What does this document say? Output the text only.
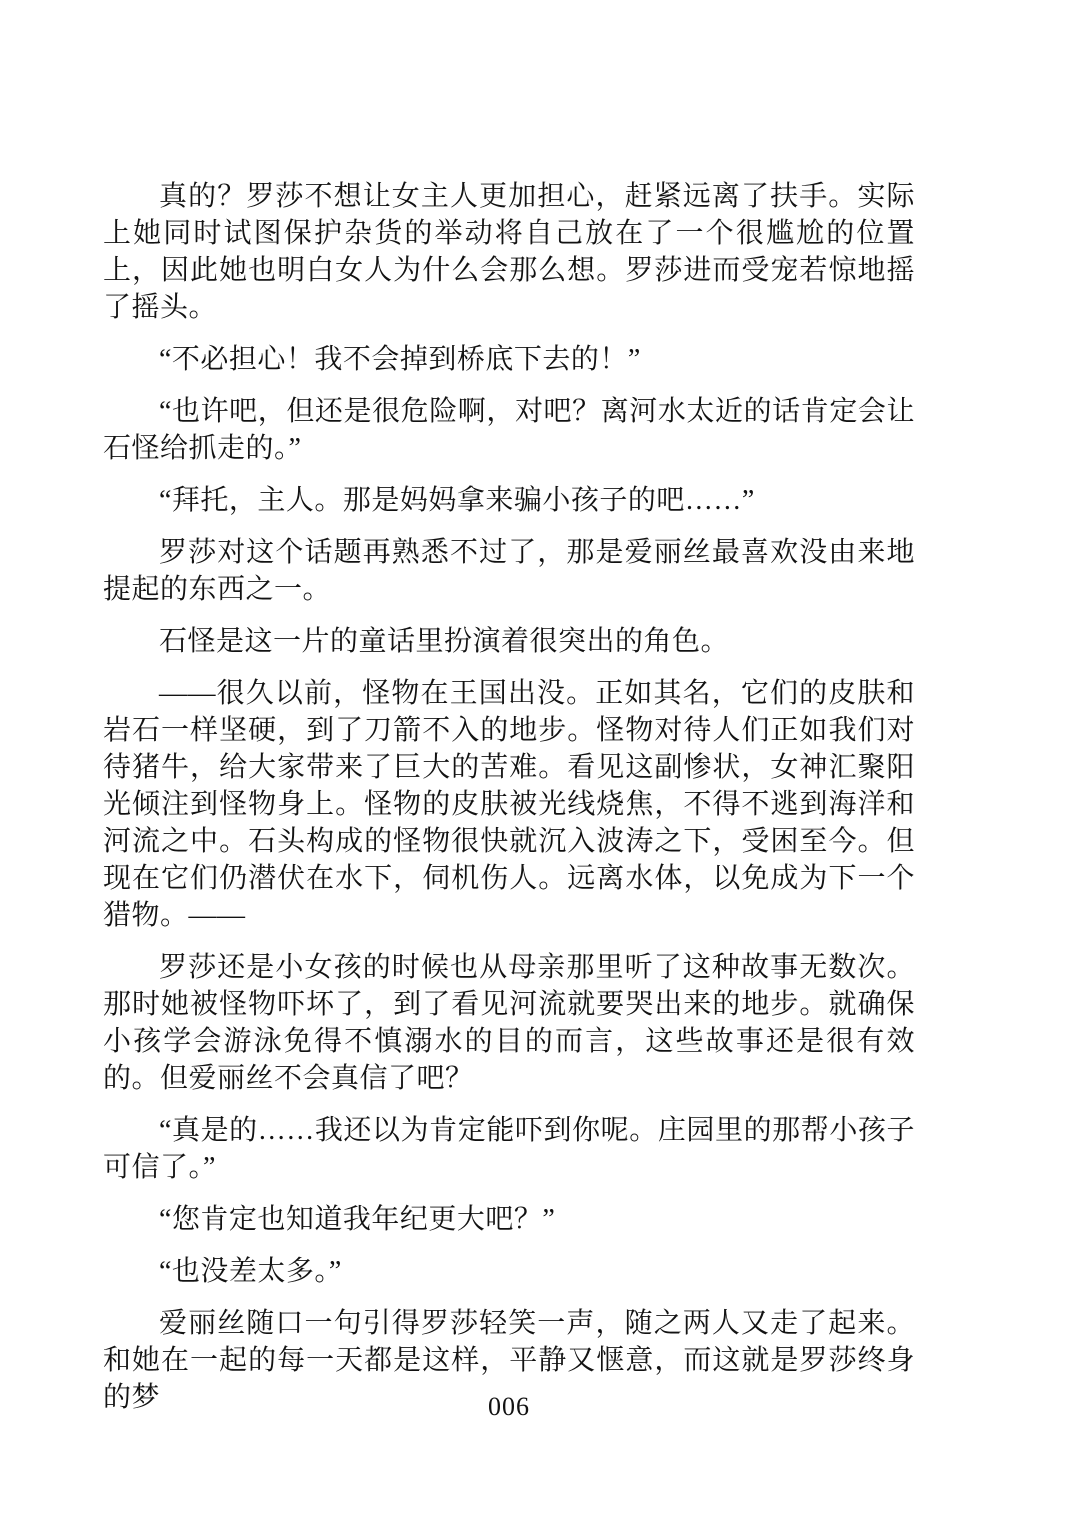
真的？罗莎不想让女主人更加担心，赶紧远离了扶手。实际上她同时试图保护杂货的举动将自己放在了一个很尴尬的位置上，因此她也明白女人为什么会那么想。罗莎进而受宠若惊地摇了摇头。

“不必担心！我不会掉到桥底下去的！”

“也许吧，但还是很危险啊，对吧？离河水太近的话肯定会让石怪给抓走的。”

“拜托，主人。那是妈妈拿来骗小孩子的吧……”

罗莎对这个话题再熟悉不过了，那是爱丽丝最喜欢没由来地提起的东西之一。

石怪是这一片的童话里扮演着很突出的角色。

——很久以前，怪物在王国出没。正如其名，它们的皮肤和岩石一样坚硬，到了刀箭不入的地步。怪物对待人们正如我们对待猪牛，给大家带来了巨大的苦难。看见这副惨状，女神汇聚阳光倾注到怪物身上。怪物的皮肤被光线烧焦，不得不逃到海洋和河流之中。石头构成的怪物很快就沉入波涛之下，受困至今。但现在它们仍潜伏在水下，伺机伤人。远离水体，以免成为下一个猎物。——

罗莎还是小女孩的时候也从母亲那里听了这种故事无数次。那时她被怪物吓坏了，到了看见河流就要哭出来的地步。就确保小孩学会游泳免得不慎溺水的目的而言，这些故事还是很有效的。但爱丽丝不会真信了吧？

“真是的……我还以为肯定能吓到你呢。庄园里的那帮小孩子可信了。”

“您肯定也知道我年纪更大吧？”

“也没差太多。”

爱丽丝随口一句引得罗莎轻笑一声，随之两人又走了起来。和她在一起的每一天都是这样，平静又惬意，而这就是罗莎终身的梦	006
